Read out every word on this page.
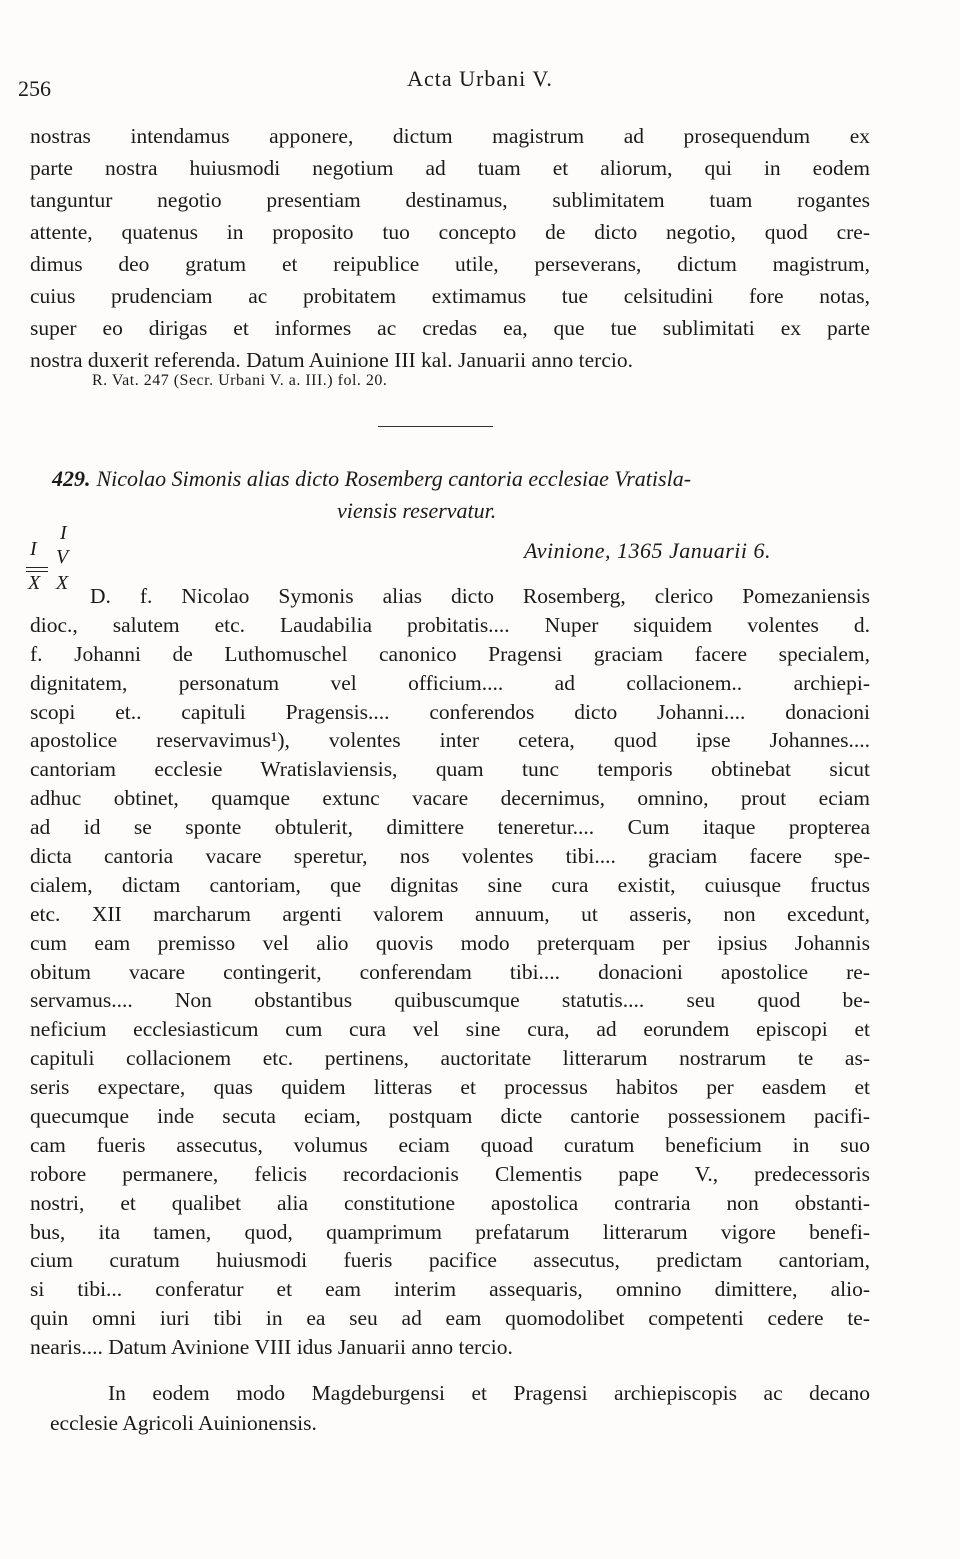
256	Acta Urbani V.
nostras intendamus apponere, dictum magistrum ad prosequendum ex
parte nostra huiusmodi negotium ad tuam et aliorum, qui in eodem
tanguntur negotio presentiam destinamus, sublimitatem tuam rogantes
attente, quatenus in proposito tuo concepto de dicto negotio, quod cre-
dimus deo gratum et reipublice utile, perseverans, dictum magistrum,
cuius prudenciam ac probitatem extimamus tue celsitudini fore notas,
super eo dirigas et informes ac credas ea, que tue sublimitati ex parte
nostra duxerit referenda. Datum Auinione III kal. Januarii anno tercio.
R. Vat. 247 (Secr. Urbani V. a. III.) fol. 20.
429. Nicolao Simonis alias dicto Rosemberg cantoria ecclesiae Vratisla-
viensis reservatur.
I
I V
X X
Avinione, 1365 Januarii 6.
D. f. Nicolao Symonis alias dicto Rosemberg, clerico Pomezaniensis
dioc., salutem etc. Laudabilia probitatis.... Nuper siquidem volentes d.
f. Johanni de Luthomuschel canonico Pragensi graciam facere specialem,
dignitatem, personatum vel officium.... ad collacionem.. archiepi-
scopi et.. capituli Pragensis.... conferendos dicto Johanni.... donacioni
apostolice reservavimus¹), volentes inter cetera, quod ipse Johannes....
cantoriam ecclesie Wratislaviensis, quam tunc temporis obtinebat sicut
adhuc obtinet, quamque extunc vacare decernimus, omnino, prout eciam
ad id se sponte obtulerit, dimittere teneretur.... Cum itaque propterea
dicta cantoria vacare speretur, nos volentes tibi.... graciam facere spe-
cialem, dictam cantoriam, que dignitas sine cura existit, cuiusque fructus
etc. XII marcharum argenti valorem annuum, ut asseris, non excedunt,
cum eam premisso vel alio quovis modo preterquam per ipsius Johannis
obitum vacare contingerit, conferendam tibi.... donacioni apostolice re-
servamus.... Non obstantibus quibuscumque statutis.... seu quod be-
neficium ecclesiasticum cum cura vel sine cura, ad eorundem episcopi et
capituli collacionem etc. pertinens, auctoritate litterarum nostrarum te as-
seris expectare, quas quidem litteras et processus habitos per easdem et
quecumque inde secuta eciam, postquam dicte cantorie possessionem pacifi-
cam fueris assecutus, volumus eciam quoad curatum beneficium in suo
robore permanere, felicis recordacionis Clementis pape V., predecessoris
nostri, et qualibet alia constitutione apostolica contraria non obstanti-
bus, ita tamen, quod, quamprimum prefatarum litterarum vigore benefi-
cium curatum huiusmodi fueris pacifice assecutus, predictam cantoriam,
si tibi... conferatur et eam interim assequaris, omnino dimittere, alio-
quin omni iuri tibi in ea seu ad eam quomodolibet competenti cedere te-
nearis.... Datum Avinione VIII idus Januarii anno tercio.
In eodem modo Magdeburgensi et Pragensi archiepiscopis ac decano
ecclesie Agricoli Auinionensis.
